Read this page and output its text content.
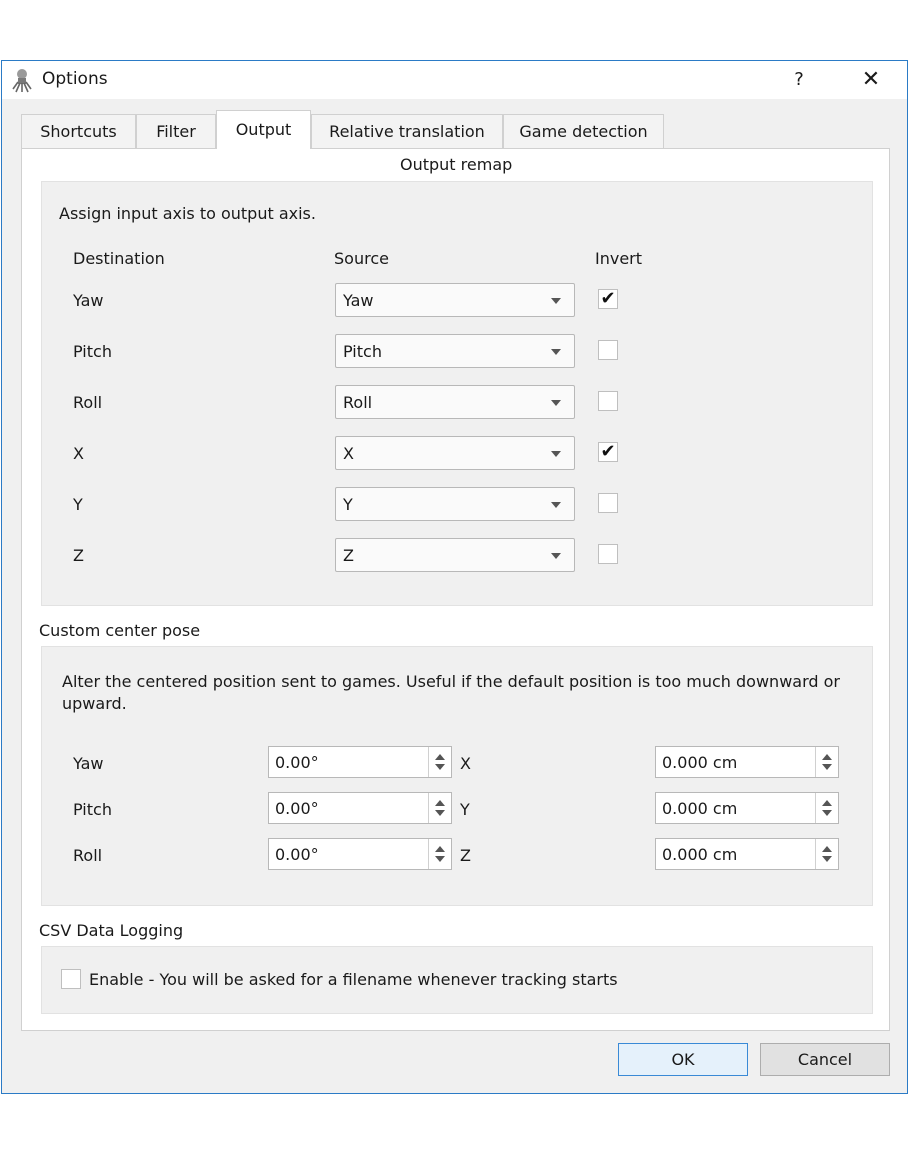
Options	?	✕
Shortcuts	Filter	Output	Relative translation	Game detection
Output remap
Assign input axis to output axis.
Destination	Source	Invert
Yaw	Yaw	✔
Pitch	Pitch
Roll	Roll
X	X	✔
Y	Y
Z	Z
Custom center pose
Alter the centered position sent to games. Useful if the default position is too much downward or upward.
Yaw	0.00°	X	0.000 cm
Pitch	0.00°	Y	0.000 cm
Roll	0.00°	Z	0.000 cm
CSV Data Logging
Enable - You will be asked for a filename whenever tracking starts
OK	Cancel
